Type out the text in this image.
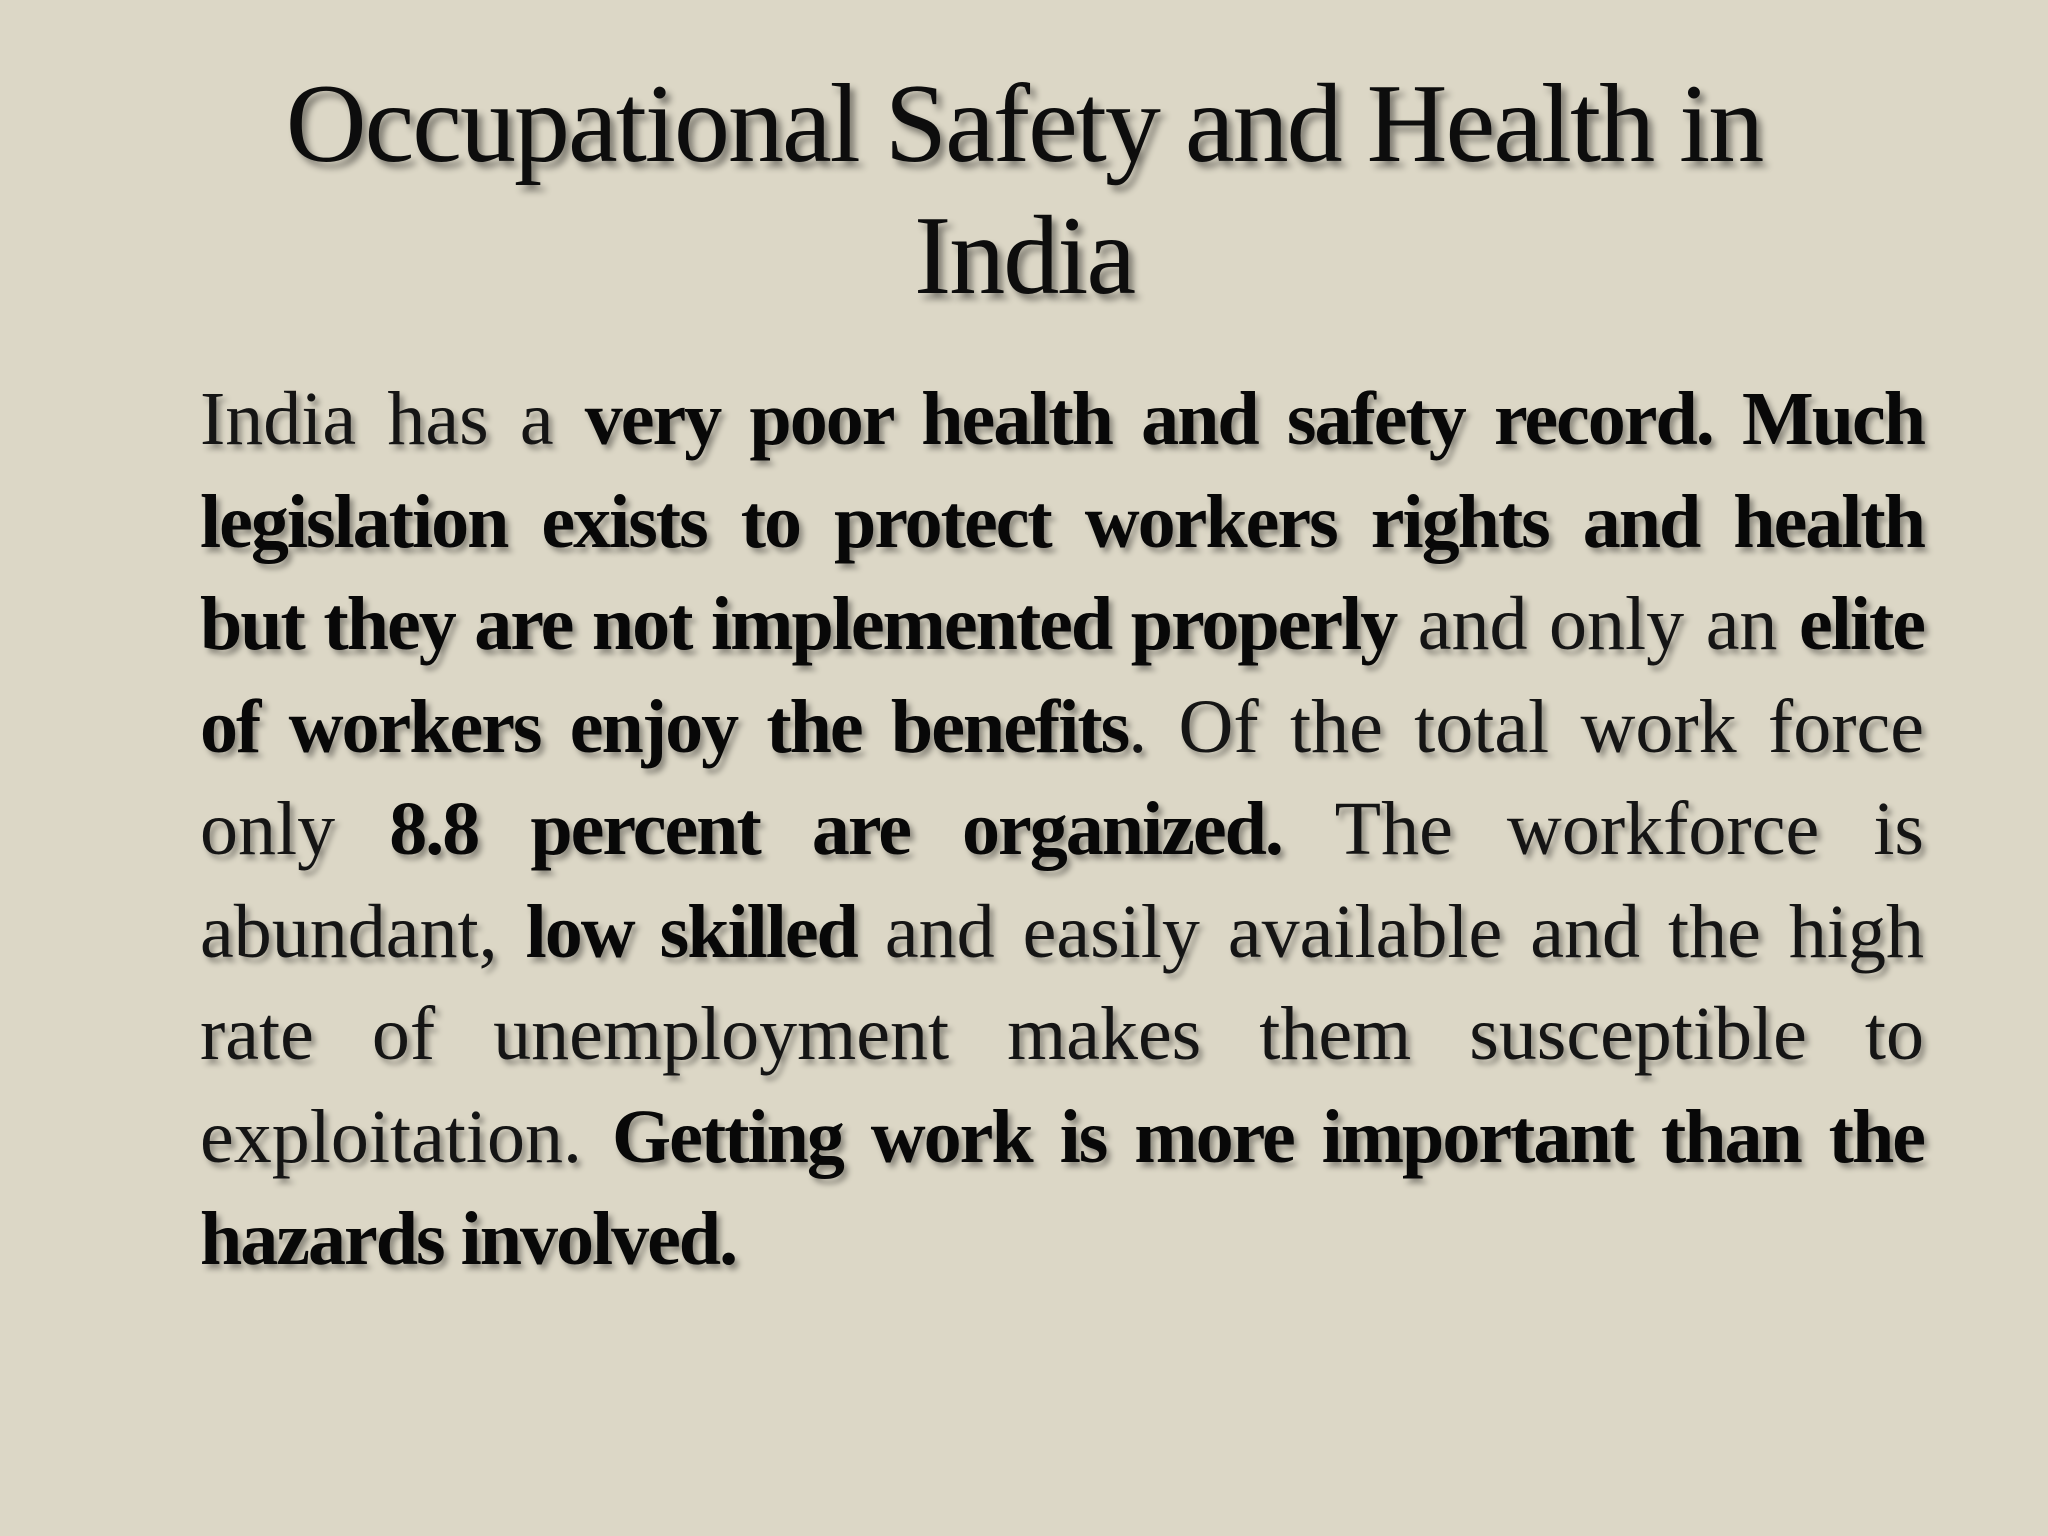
Occupational Safety and Health in India

India has a very poor health and safety record. Much legislation exists to protect workers rights and health but they are not implemented properly and only an elite of workers enjoy the benefits. Of the total work force only 8.8 percent are organized. The workforce is abundant, low skilled and easily available and the high rate of unemployment makes them susceptible to exploitation. Getting work is more important than the hazards involved.
